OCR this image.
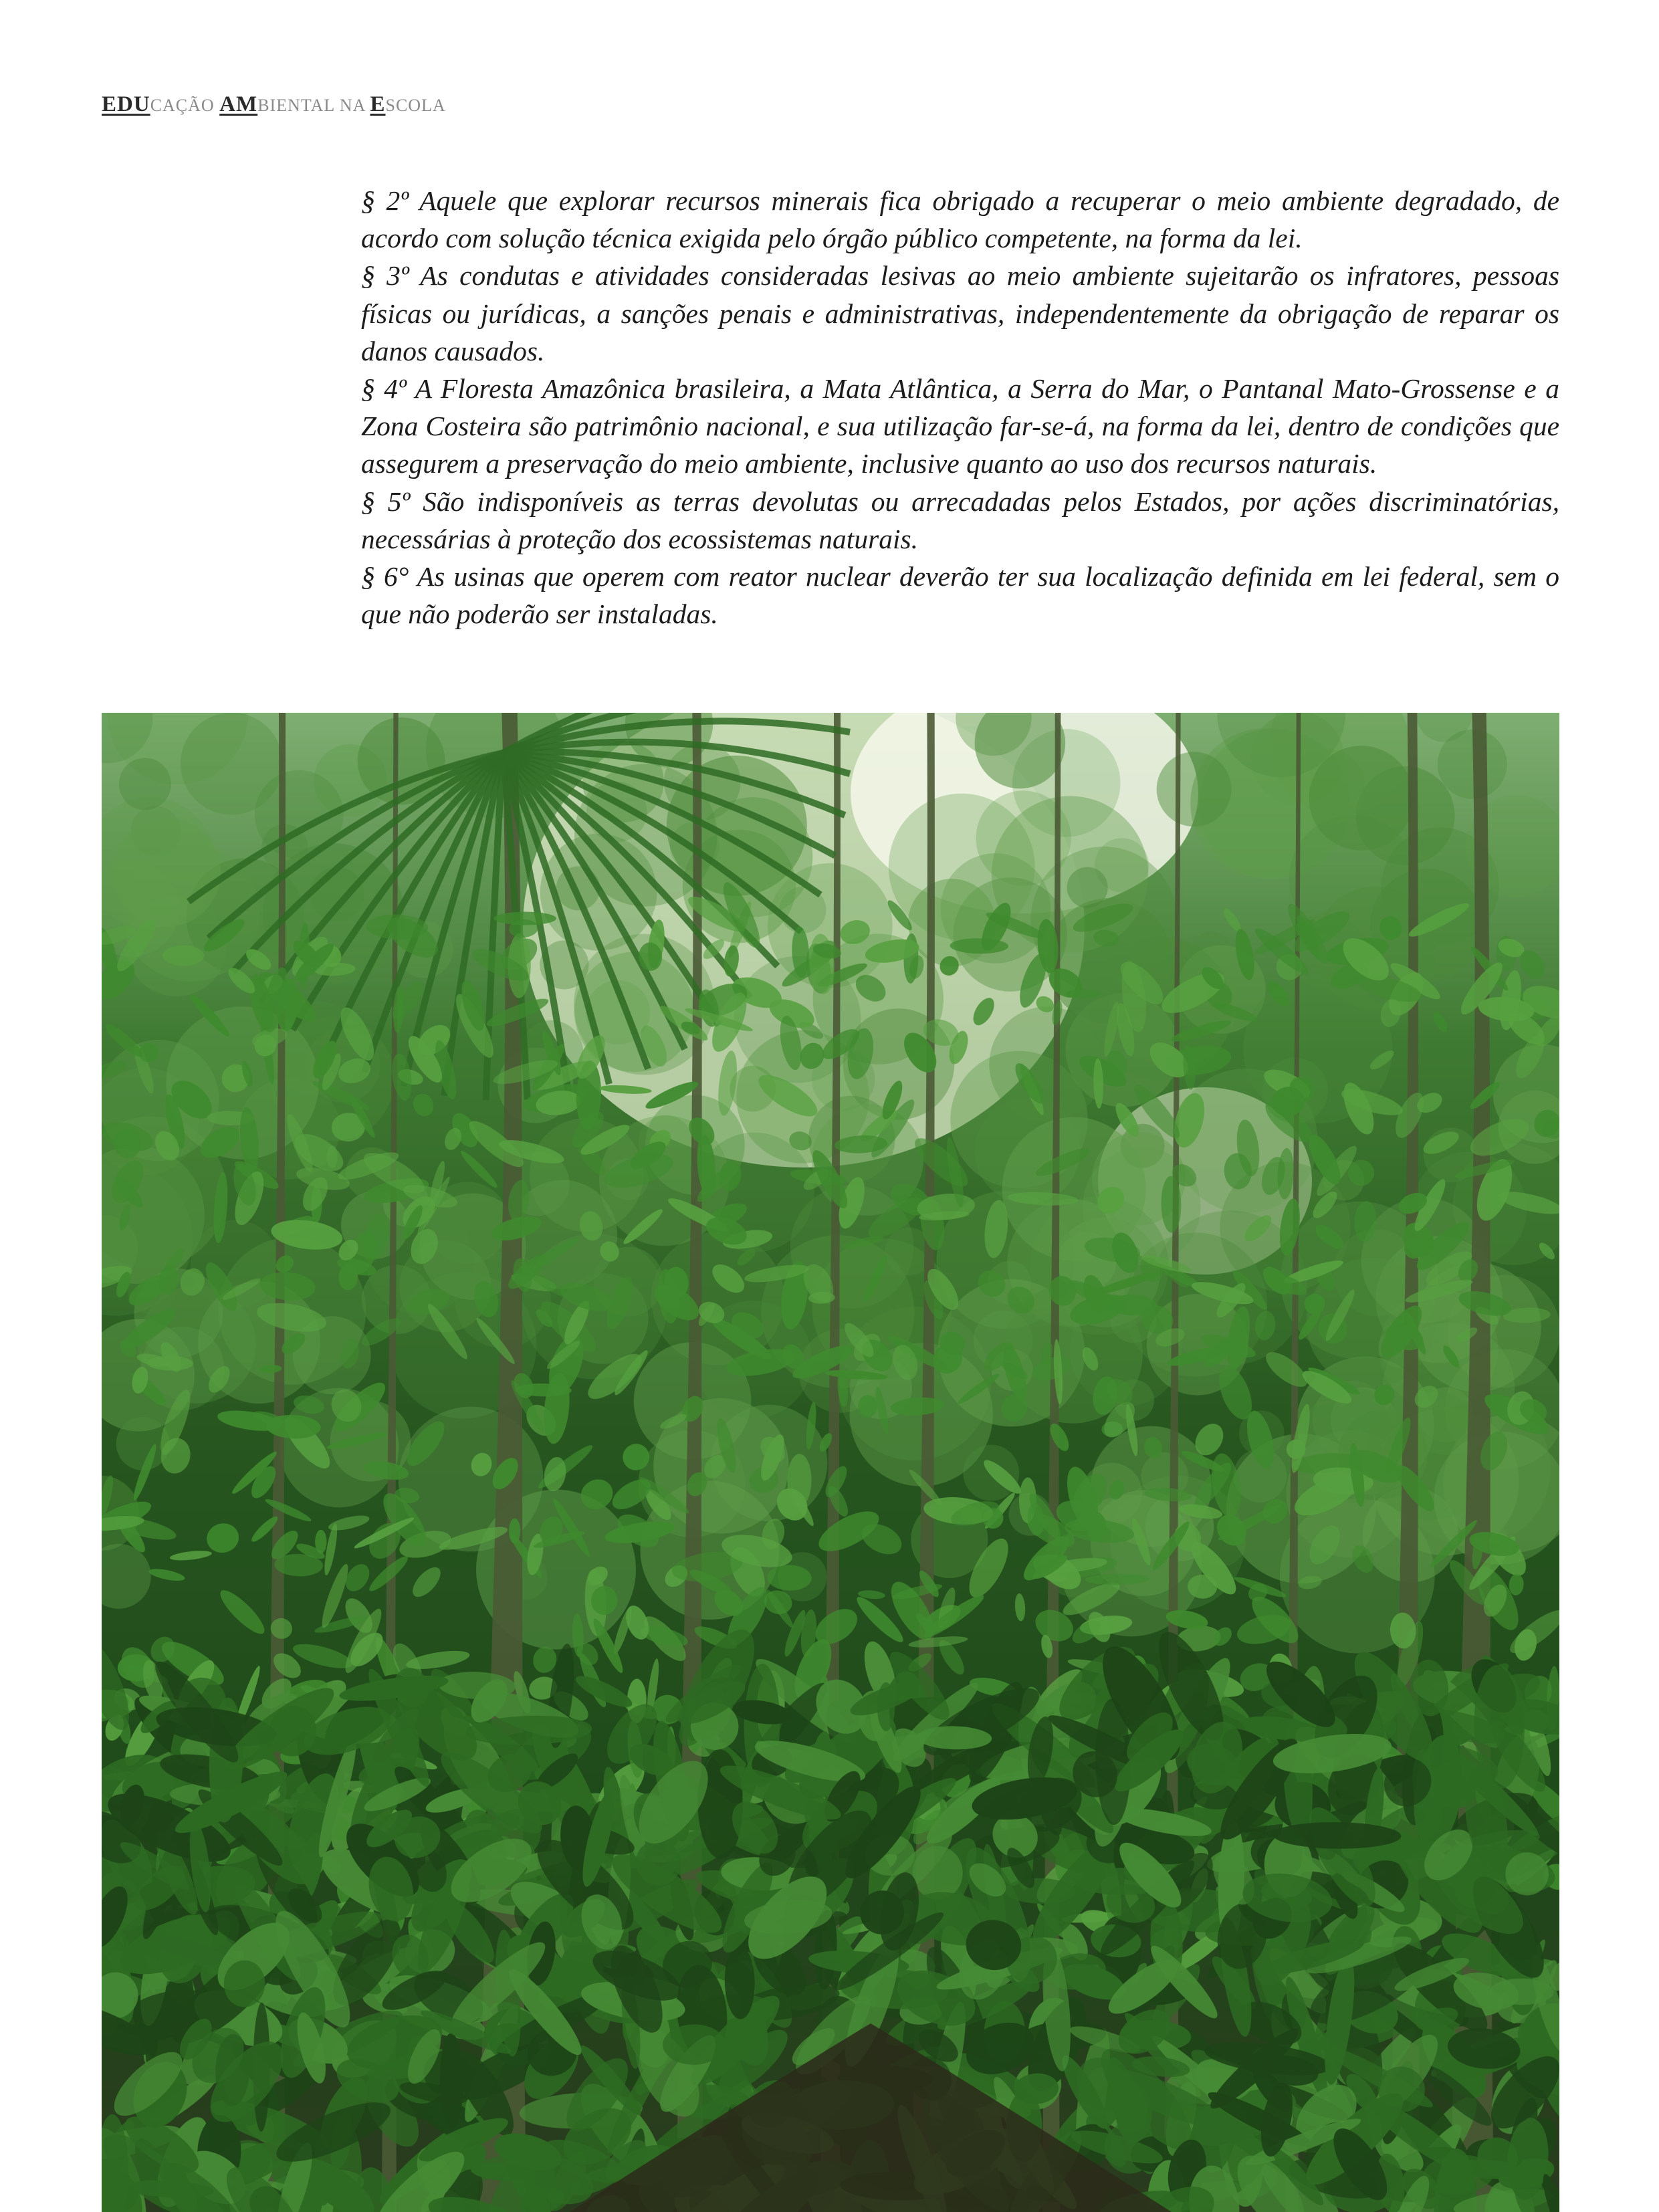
EDUCAÇÃO AMBIENTAL NA ESCOLA

§ 2º Aquele que explorar recursos minerais fica obrigado a recuperar o meio ambiente degradado, de acordo com solução técnica exigida pelo órgão público competente, na forma da lei.

§ 3º As condutas e atividades consideradas lesivas ao meio ambiente sujeitarão os infratores, pessoas físicas ou jurídicas, a sanções penais e administrativas, independentemente da obrigação de reparar os danos causados.

§ 4º A Floresta Amazônica brasileira, a Mata Atlântica, a Serra do Mar, o Pantanal Mato-Grossense e a Zona Costeira são patrimônio nacional, e sua utilização far-se-á, na forma da lei, dentro de condições que assegurem a preservação do meio ambiente, inclusive quanto ao uso dos recursos naturais.

§ 5º São indisponíveis as terras devolutas ou arrecadadas pelos Estados, por ações discriminatórias, necessárias à proteção dos ecossistemas naturais.

§ 6° As usinas que operem com reator nuclear deverão ter sua localização definida em lei federal, sem o que não poderão ser instaladas.
